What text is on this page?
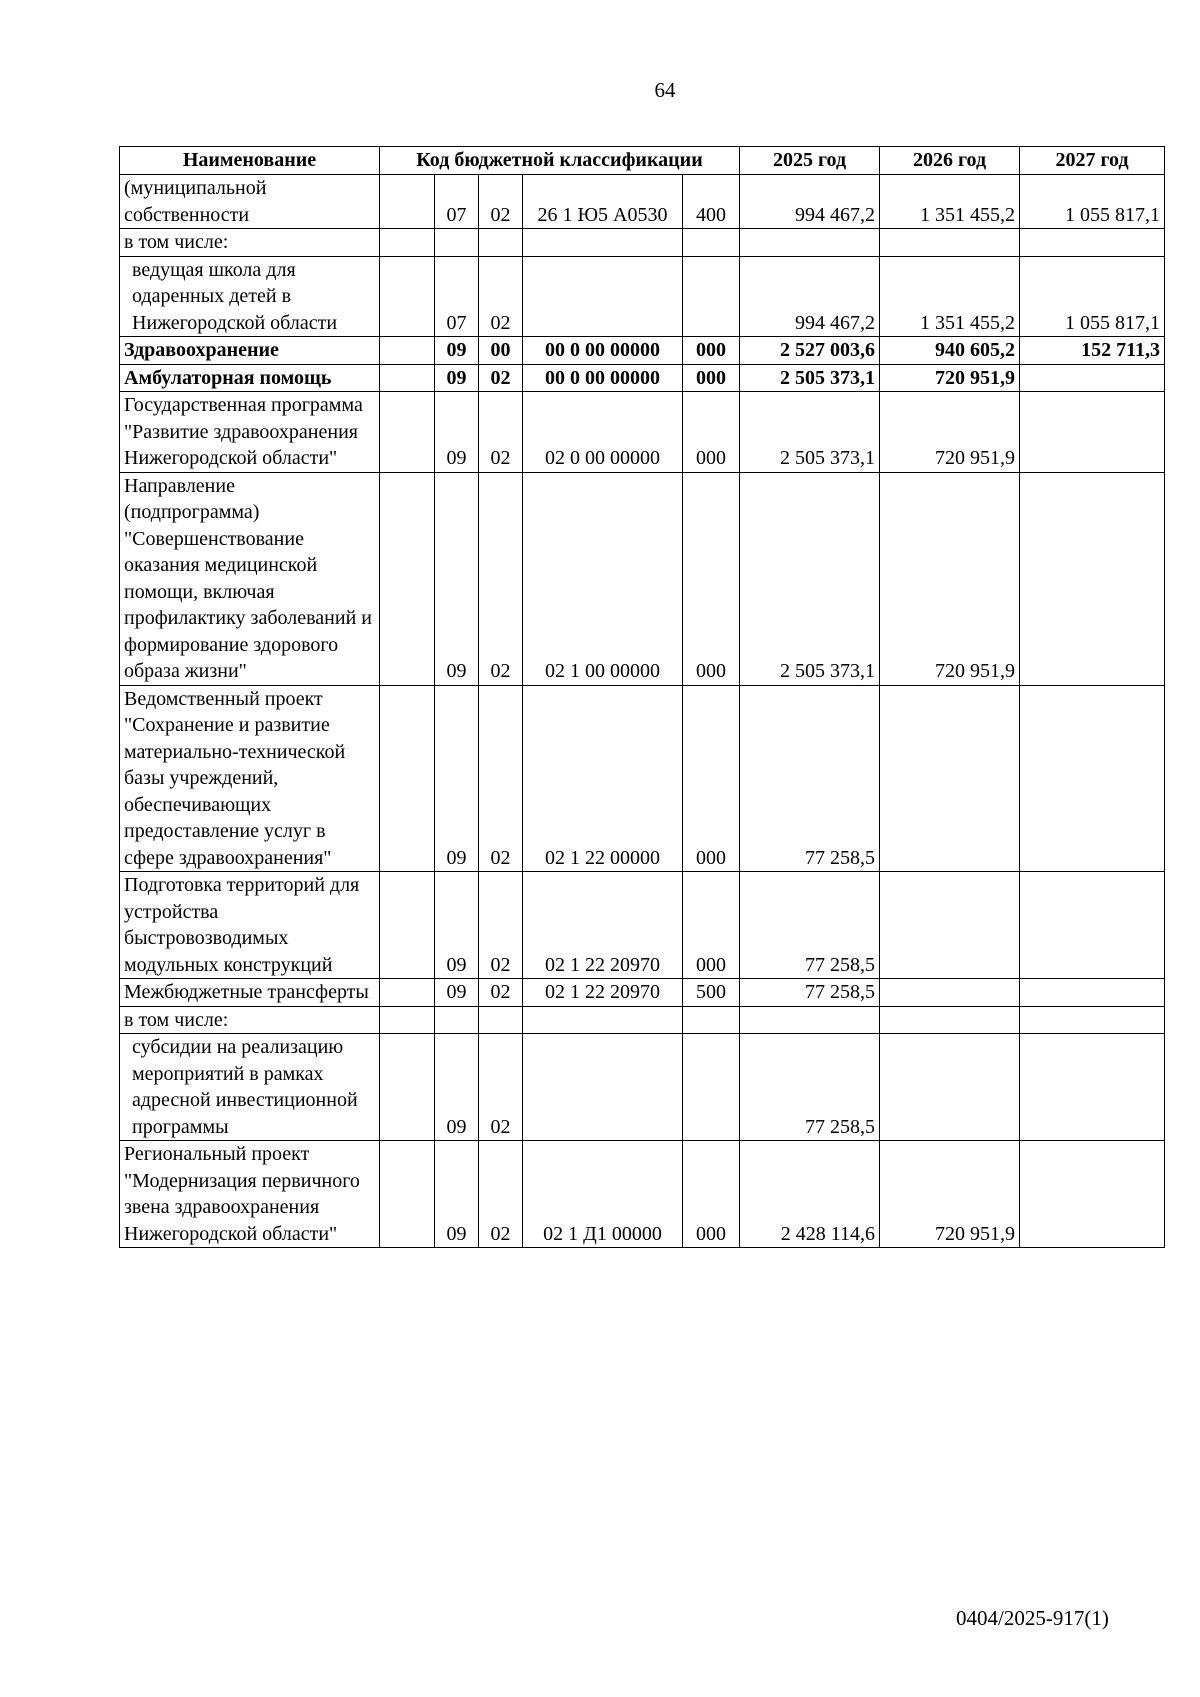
64
Наименование	Код бюджетной классификации					2025 год	2026 год	2027 год
(муниципальной собственности		07	02	26 1 Ю5 А0530	400	994 467,2	1 351 455,2	1 055 817,1
в том числе:								
ведущая школа для одаренных детей в Нижегородской области		07	02			994 467,2	1 351 455,2	1 055 817,1
Здравоохранение		09	00	00 0 00 00000	000	2 527 003,6	940 605,2	152 711,3
Амбулаторная помощь		09	02	00 0 00 00000	000	2 505 373,1	720 951,9	
Государственная программа "Развитие здравоохранения Нижегородской области"		09	02	02 0 00 00000	000	2 505 373,1	720 951,9	
Направление (подпрограмма) "Совершенствование оказания медицинской помощи, включая профилактику заболеваний и формирование здорового образа жизни"		09	02	02 1 00 00000	000	2 505 373,1	720 951,9	
Ведомственный проект "Сохранение и развитие материально-технической базы учреждений, обеспечивающих предоставление услуг в сфере здравоохранения"		09	02	02 1 22 00000	000	77 258,5		
Подготовка территорий для устройства быстровозводимых модульных конструкций		09	02	02 1 22 20970	000	77 258,5		
Межбюджетные трансферты		09	02	02 1 22 20970	500	77 258,5		
в том числе:								
субсидии на реализацию мероприятий в рамках адресной инвестиционной программы		09	02			77 258,5		
Региональный проект "Модернизация первичного звена здравоохранения Нижегородской области"		09	02	02 1 Д1 00000	000	2 428 114,6	720 951,9	
0404/2025-917(1)
